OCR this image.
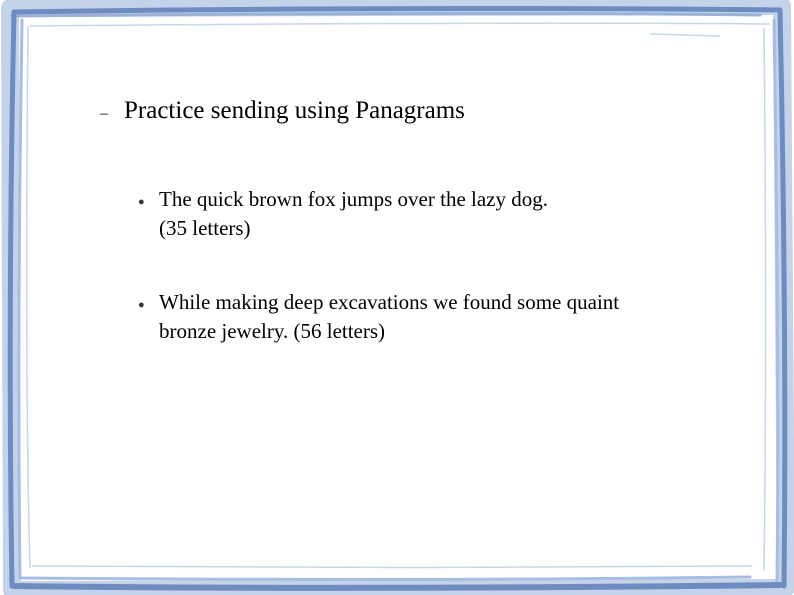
– Practice sending using Panagrams
● The quick brown fox jumps over the lazy dog.
(35 letters)
● While making deep excavations we found some quaint
bronze jewelry. (56 letters)
